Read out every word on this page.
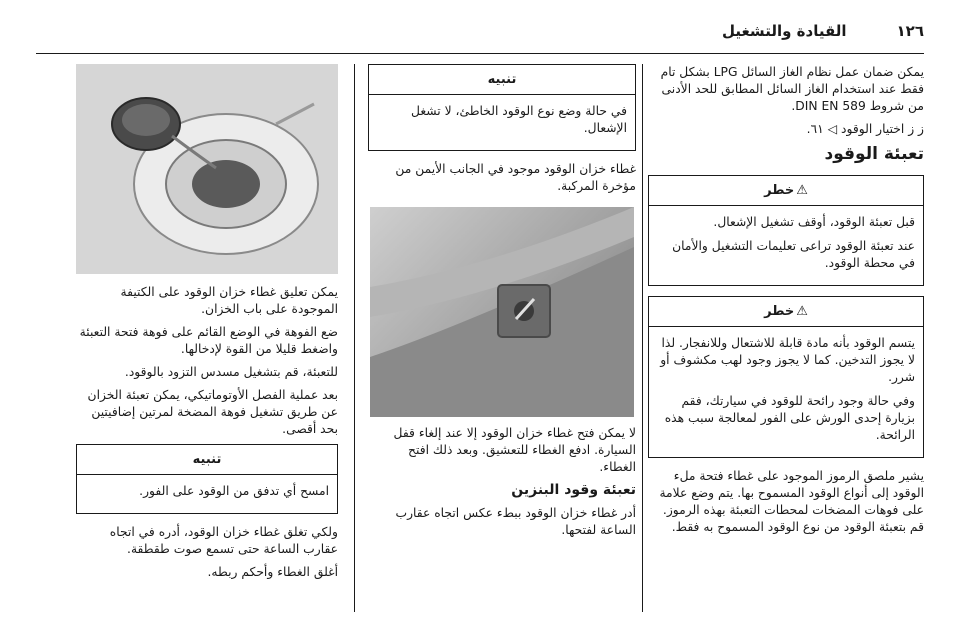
١٢٦
القيادة والتشغيل

يمكن ضمان عمل نظام الغاز السائل LPG بشكل تام فقط عند استخدام الغاز السائل المطابق للحد الأدنى من شروط DIN EN 589.

ز ز اختيار الوقود ◁ ٦١.

تعبئة الوقود
⚠خطر

قبل تعبئة الوقود، أوقف تشغيل الإشعال.

عند تعبئة الوقود تراعى تعليمات التشغيل والأمان في محطة الوقود.

⚠خطر

يتسم الوقود بأنه مادة قابلة للاشتعال وللانفجار. لذا لا يجوز التدخين. كما لا يجوز وجود لهب مكشوف أو شرر.

وفي حالة وجود رائحة للوقود في سيارتك، فقم بزيارة إحدى الورش على الفور لمعالجة سبب هذه الرائحة.

يشير ملصق الرموز الموجود على غطاء فتحة ملء الوقود إلى أنواع الوقود المسموح بها. يتم وضع علامة على فوهات المضخات لمحطات التعبئة بهذه الرموز. قم بتعبئة الوقود من نوع الوقود المسموح به فقط.

تنبيه

في حالة وضع نوع الوقود الخاطئ، لا تشغل الإشعال.

غطاء خزان الوقود موجود في الجانب الأيمن من مؤخرة المركبة.

لا يمكن فتح غطاء خزان الوقود إلا عند إلغاء قفل السيارة. ادفع الغطاء للتعشيق. وبعد ذلك افتح الغطاء.

تعبئة وقود البنزين

أدر غطاء خزان الوقود ببطء عكس اتجاه عقارب الساعة لفتحها.

يمكن تعليق غطاء خزان الوقود على الكتيفة الموجودة على باب الخزان.

ضع الفوهة في الوضع القائم على فوهة فتحة التعبئة واضغط قليلا من القوة لإدخالها.

للتعبئة، قم بتشغيل مسدس التزود بالوقود.

بعد عملية الفصل الأوتوماتيكي، يمكن تعبئة الخزان عن طريق تشغيل فوهة المضخة لمرتين إضافيتين بحد أقصى.

تنبيه

امسح أي تدفق من الوقود على الفور.

ولكي تغلق غطاء خزان الوقود، أدره في اتجاه عقارب الساعة حتى تسمع صوت طقطقة.

أغلق الغطاء وأحكم ربطه.
